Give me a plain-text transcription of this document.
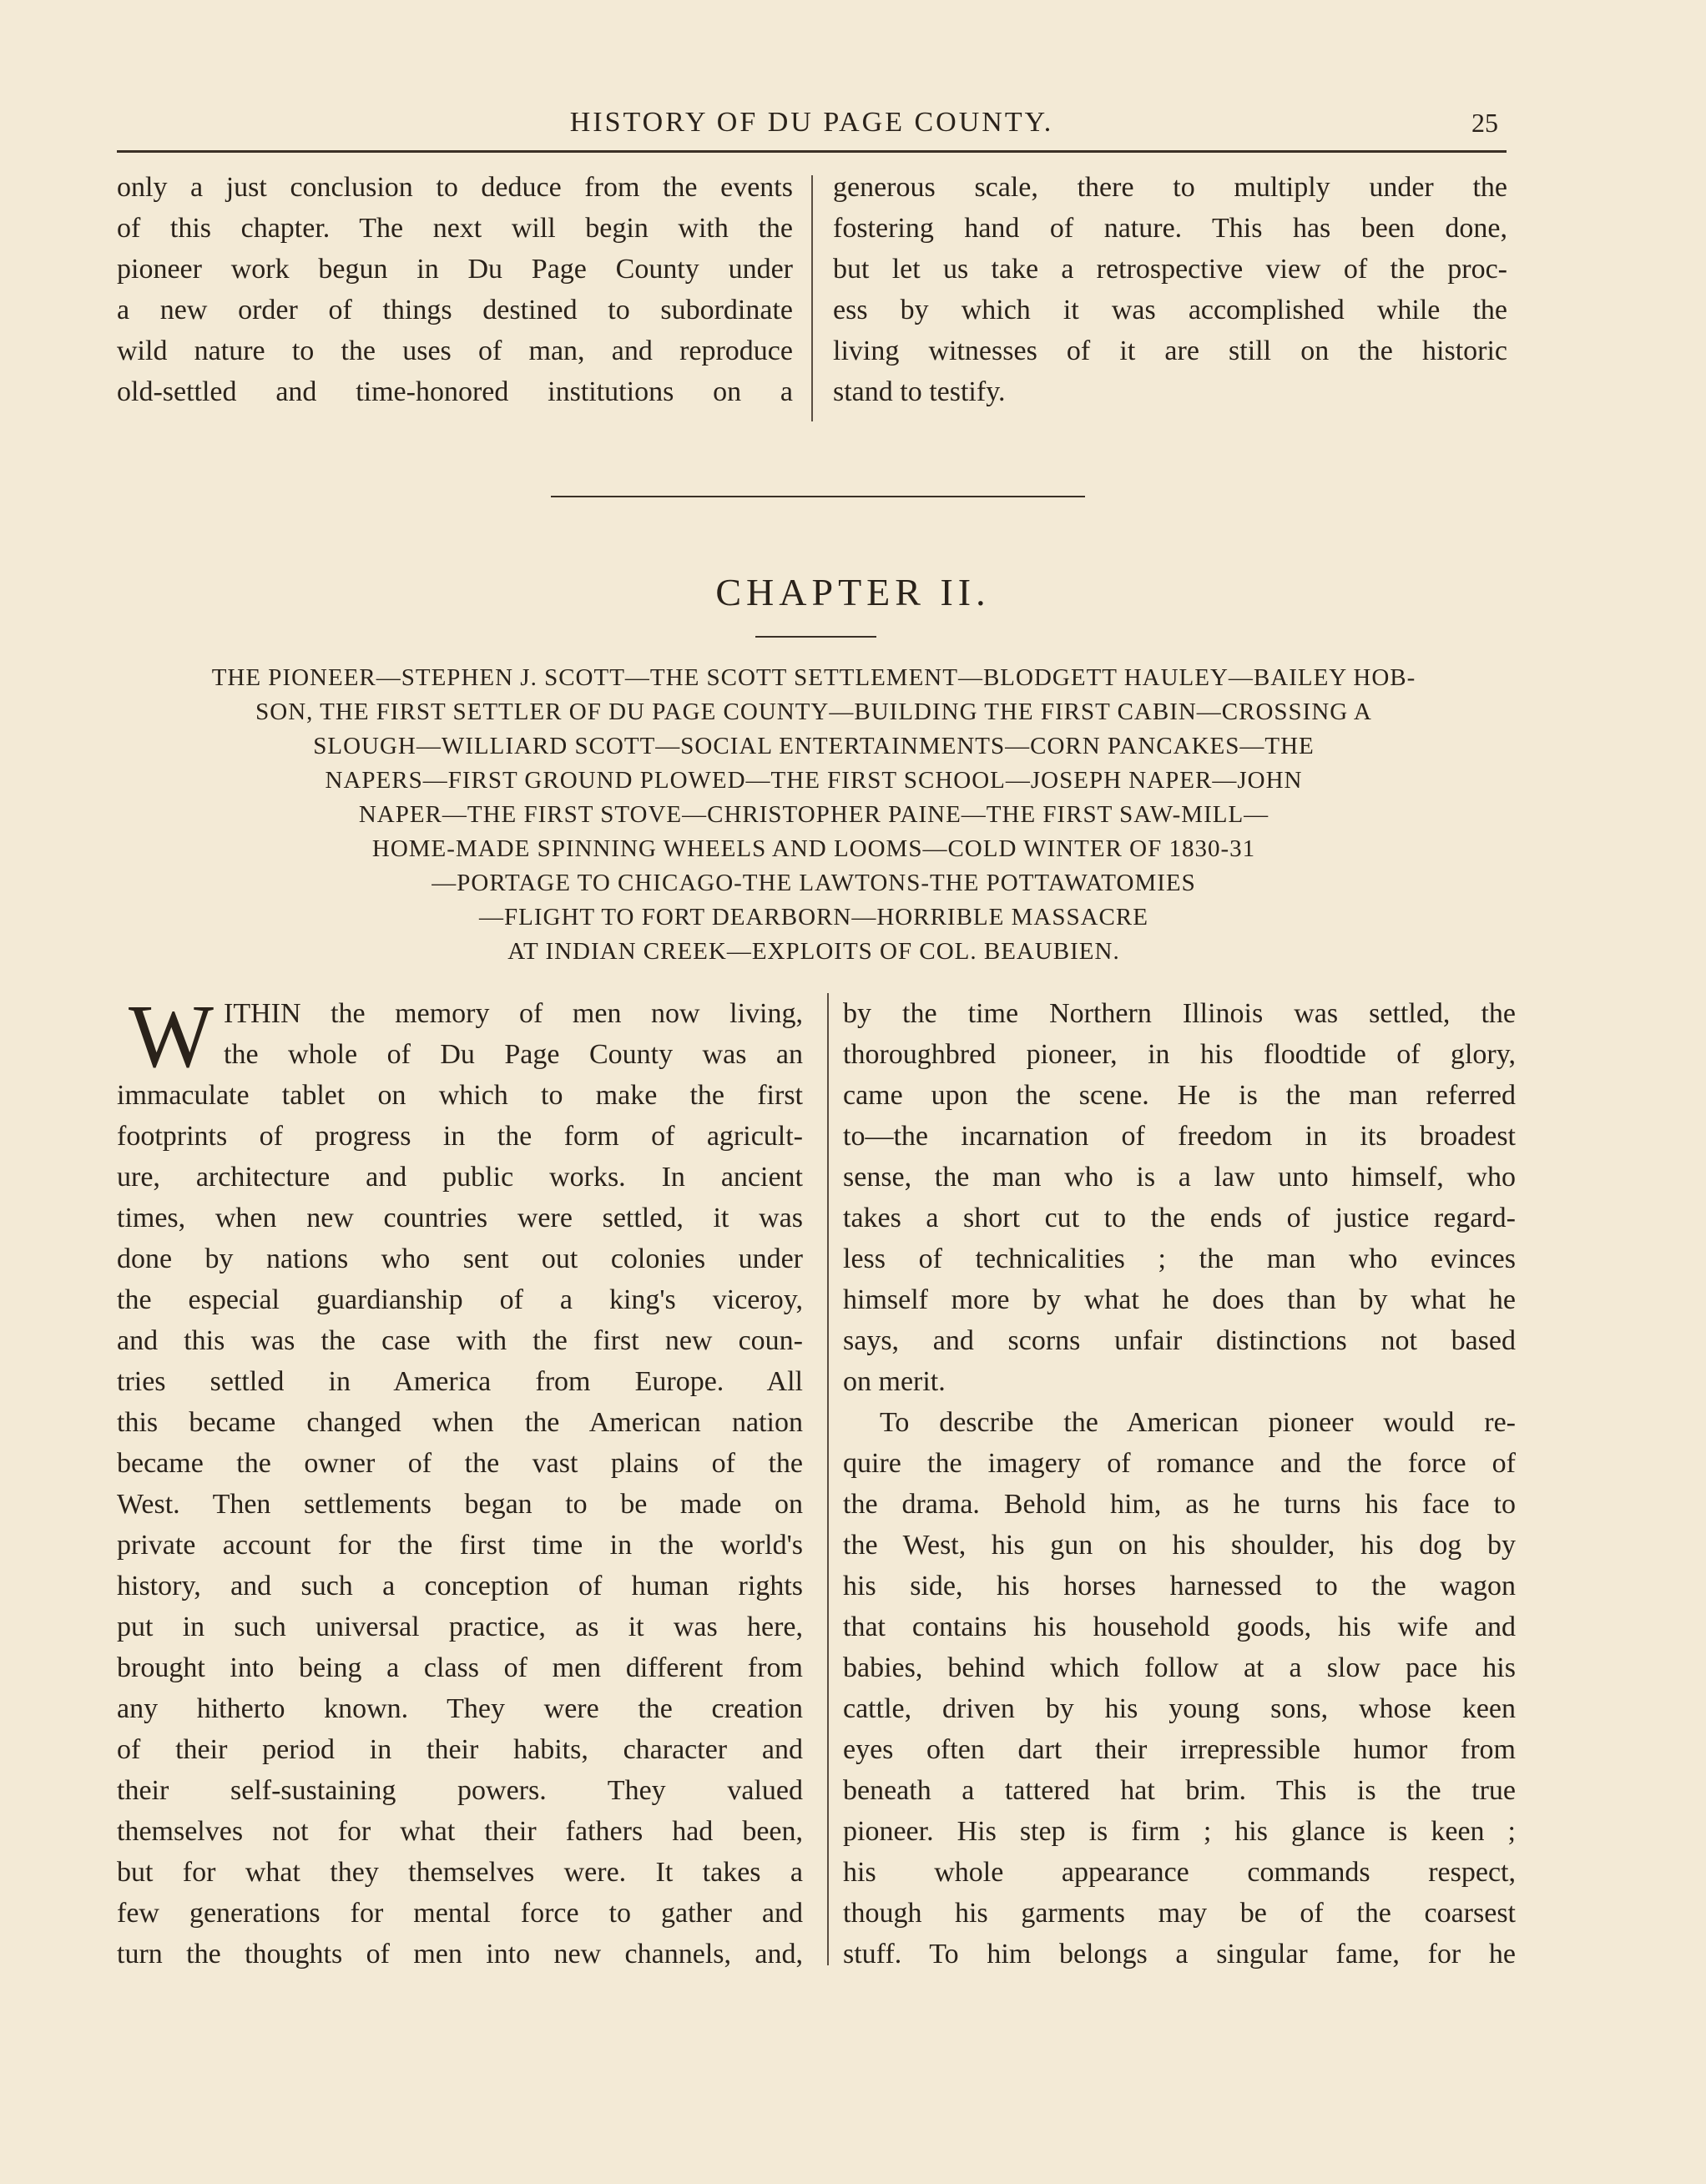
HISTORY OF DU PAGE COUNTY.	25
only a just conclusion to deduce from the events
of this chapter. The next will begin with the
pioneer work begun in Du Page County under
a new order of things destined to subordinate
wild nature to the uses of man, and reproduce
old-settled and time-honored institutions on a
generous scale, there to multiply under the
fostering hand of nature. This has been done,
but let us take a retrospective view of the proc-
ess by which it was accomplished while the
living witnesses of it are still on the historic
stand to testify.
CHAPTER II.
THE PIONEER—STEPHEN J. SCOTT—THE SCOTT SETTLEMENT—BLODGETT HAULEY—BAILEY HOB-
SON, THE FIRST SETTLER OF DU PAGE COUNTY—BUILDING THE FIRST CABIN—CROSSING A
SLOUGH—WILLIARD SCOTT—SOCIAL ENTERTAINMENTS—CORN PANCAKES—THE
NAPERS—FIRST GROUND PLOWED—THE FIRST SCHOOL—JOSEPH NAPER—JOHN
NAPER—THE FIRST STOVE—CHRISTOPHER PAINE—THE FIRST SAW-MILL—
HOME-MADE SPINNING WHEELS AND LOOMS—COLD WINTER OF 1830-31
—PORTAGE TO CHICAGO-THE LAWTONS-THE POTTAWATOMIES
—FLIGHT TO FORT DEARBORN—HORRIBLE MASSACRE
AT INDIAN CREEK—EXPLOITS OF COL. BEAUBIEN.
W ITHIN the memory of men now living,
the whole of Du Page County was an
immaculate tablet on which to make the first
footprints of progress in the form of agricult-
ure, architecture and public works. In ancient
times, when new countries were settled, it was
done by nations who sent out colonies under
the especial guardianship of a king's viceroy,
and this was the case with the first new coun-
tries settled in America from Europe. All
this became changed when the American nation
became the owner of the vast plains of the
West. Then settlements began to be made on
private account for the first time in the world's
history, and such a conception of human rights
put in such universal practice, as it was here,
brought into being a class of men different from
any hitherto known. They were the creation
of their period in their habits, character and
their self-sustaining powers. They valued
themselves not for what their fathers had been,
but for what they themselves were. It takes a
few generations for mental force to gather and
turn the thoughts of men into new channels, and,
by the time Northern Illinois was settled, the
thoroughbred pioneer, in his floodtide of glory,
came upon the scene. He is the man referred
to—the incarnation of freedom in its broadest
sense, the man who is a law unto himself, who
takes a short cut to the ends of justice regard-
less of technicalities ; the man who evinces
himself more by what he does than by what he
says, and scorns unfair distinctions not based
on merit.
To describe the American pioneer would re-
quire the imagery of romance and the force of
the drama. Behold him, as he turns his face to
the West, his gun on his shoulder, his dog by
his side, his horses harnessed to the wagon
that contains his household goods, his wife and
babies, behind which follow at a slow pace his
cattle, driven by his young sons, whose keen
eyes often dart their irrepressible humor from
beneath a tattered hat brim. This is the true
pioneer. His step is firm ; his glance is keen ;
his whole appearance commands respect,
though his garments may be of the coarsest
stuff. To him belongs a singular fame, for he
